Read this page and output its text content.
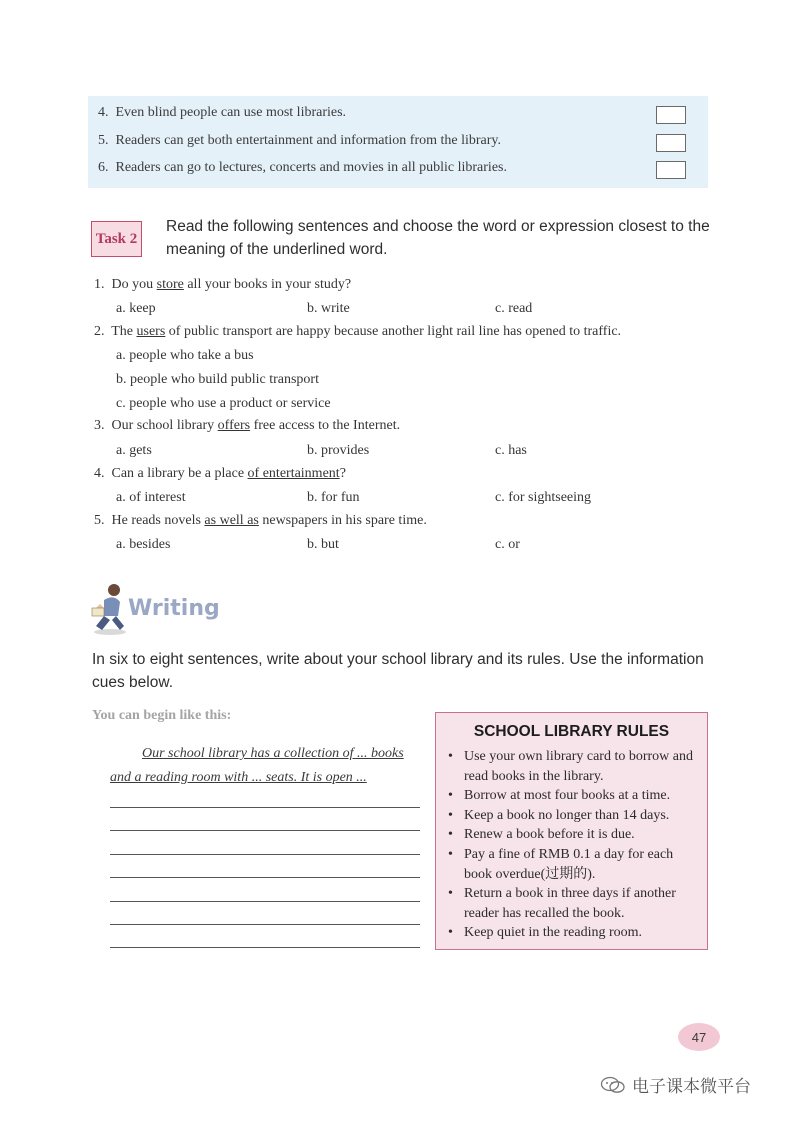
4. Even blind people can use most libraries.
5. Readers can get both entertainment and information from the library.
6. Readers can go to lectures, concerts and movies in all public libraries.
Task 2
Read the following sentences and choose the word or expression closest to the meaning of the underlined word.
1. Do you store all your books in your study?
a. keep	b. write	c. read
2. The users of public transport are happy because another light rail line has opened to traffic.
a. people who take a bus
b. people who build public transport
c. people who use a product or service
3. Our school library offers free access to the Internet.
a. gets	b. provides	c. has
4. Can a library be a place of entertainment?
a. of interest	b. for fun	c. for sightseeing
5. He reads novels as well as newspapers in his spare time.
a. besides	b. but	c. or
Writing
In six to eight sentences, write about your school library and its rules. Use the information cues below.
You can begin like this:
Our school library has a collection of ... books
and a reading room with ... seats. It is open ...
SCHOOL LIBRARY RULES
• Use your own library card to borrow and read books in the library.
• Borrow at most four books at a time.
• Keep a book no longer than 14 days.
• Renew a book before it is due.
• Pay a fine of RMB 0.1 a day for each book overdue(过期的).
• Return a book in three days if another reader has recalled the book.
• Keep quiet in the reading room.
47
电子课本微平台
